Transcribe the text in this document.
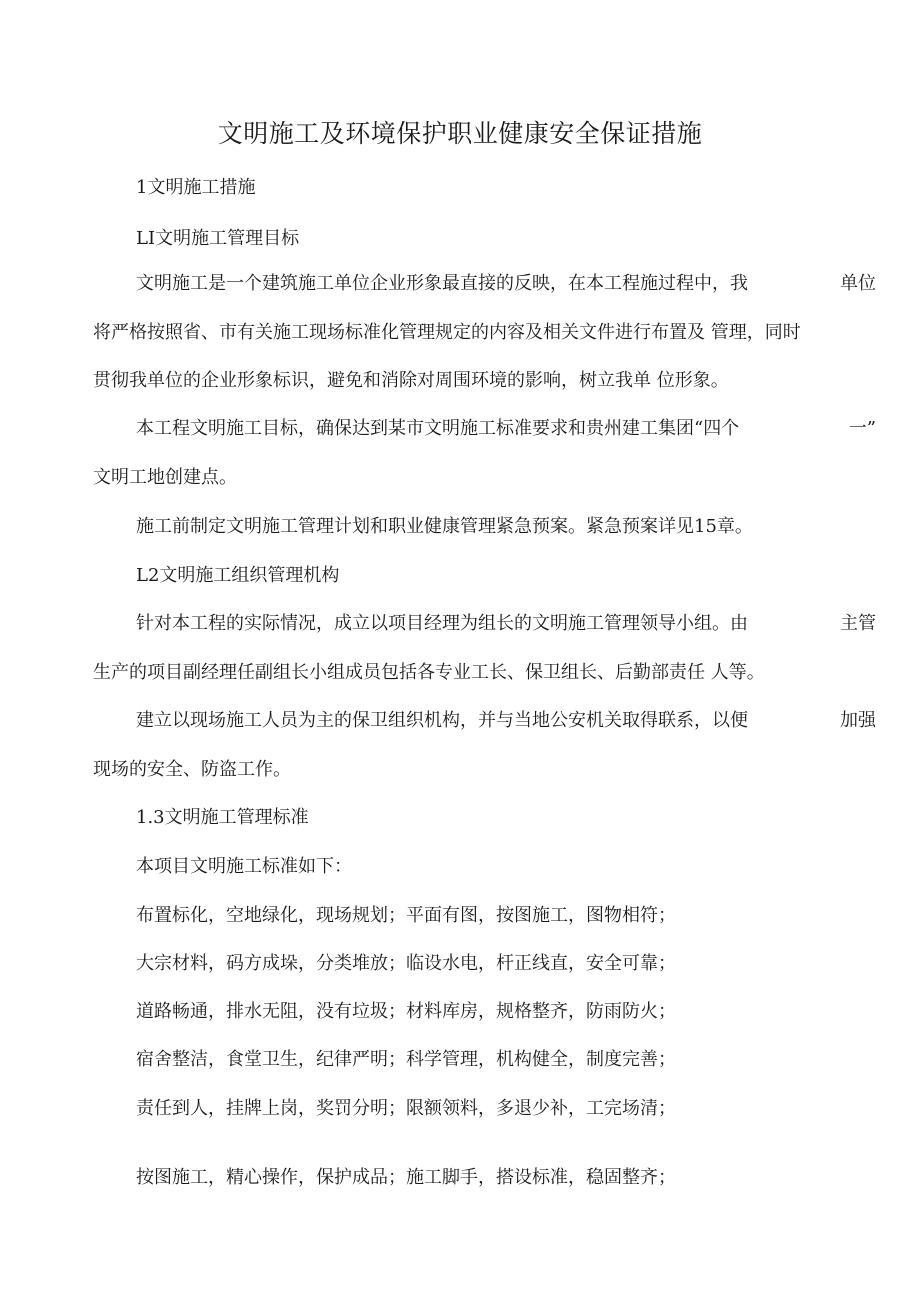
文明施工及环境保护职业健康安全保证措施
1文明施工措施
LI文明施工管理目标
文明施工是一个建筑施工单位企业形象最直接的反映，在本工程施过程中，我	单位
将严格按照省、市有关施工现场标准化管理规定的内容及相关文件进行布置及 管理，同时
贯彻我单位的企业形象标识，避免和消除对周围环境的影响，树立我单 位形象。
本工程文明施工目标，确保达到某市文明施工标准要求和贵州建工集团“四个	一”
文明工地创建点。
施工前制定文明施工管理计划和职业健康管理紧急预案。紧急预案详见15章。
L2文明施工组织管理机构
针对本工程的实际情况，成立以项目经理为组长的文明施工管理领导小组。由	主管
生产的项目副经理任副组长小组成员包括各专业工长、保卫组长、后勤部责任 人等。
建立以现场施工人员为主的保卫组织机构，并与当地公安机关取得联系，以便	加强
现场的安全、防盗工作。
1.3文明施工管理标准
本项目文明施工标准如下：
布置标化，空地绿化，现场规划；平面有图，按图施工，图物相符；
大宗材料，码方成垛，分类堆放；临设水电，杆正线直，安全可靠；
道路畅通，排水无阻，没有垃圾；材料库房，规格整齐，防雨防火；
宿舍整洁，食堂卫生，纪律严明；科学管理，机构健全，制度完善；
责任到人，挂牌上岗，奖罚分明；限额领料，多退少补，工完场清；
按图施工，精心操作，保护成品；施工脚手，搭设标准，稳固整齐；
